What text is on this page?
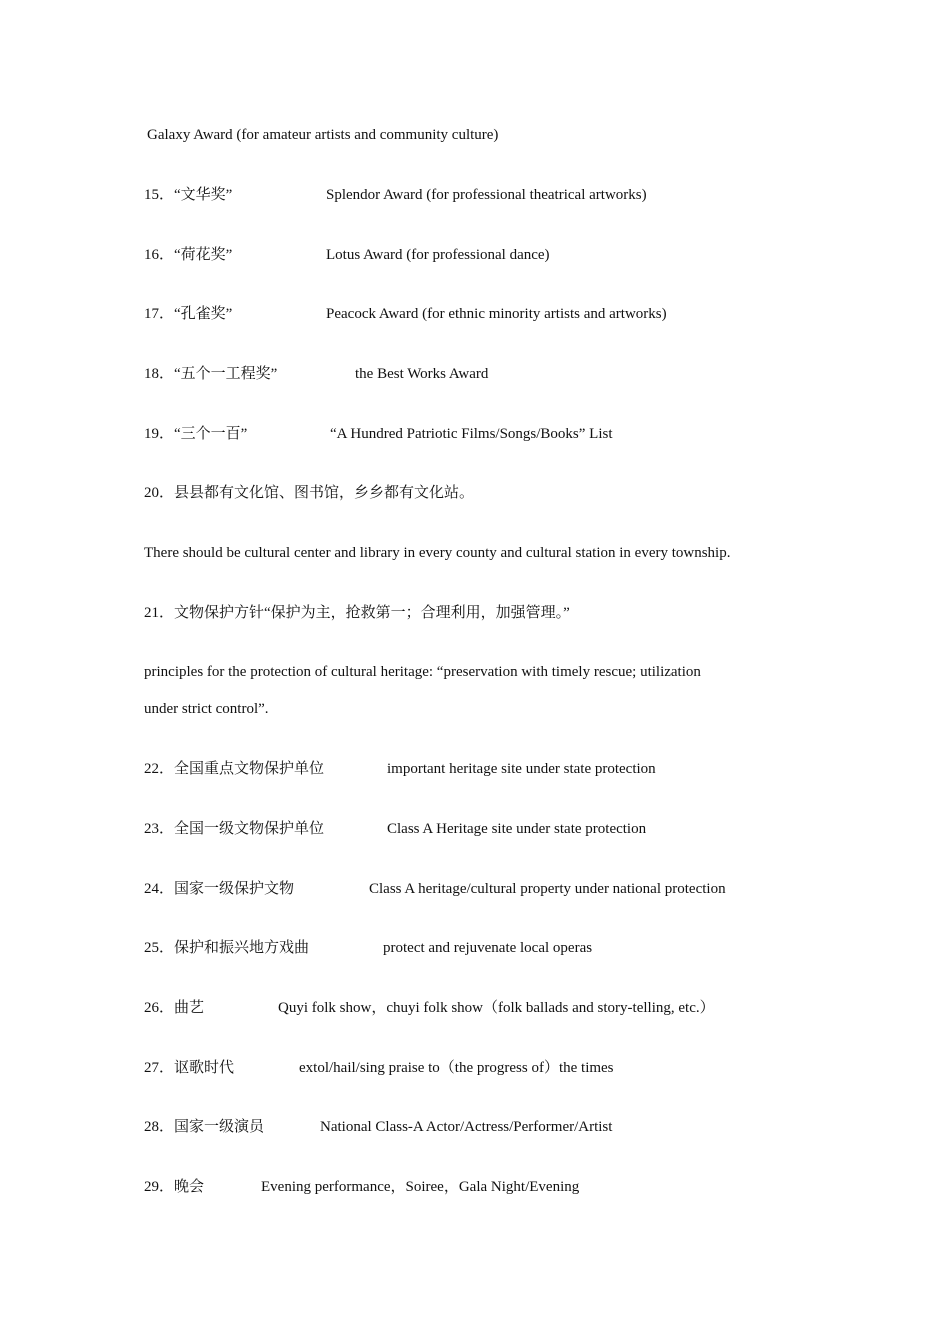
Galaxy Award (for amateur artists and community culture)
15．“文华奖”	Splendor Award (for professional theatrical artworks)
16．“荷花奖”	Lotus Award (for professional dance)
17．“孔雀奖”	Peacock Award (for ethnic minority artists and artworks)
18．“五个一工程奖”	the Best Works Award
19．“三个一百”	“A Hundred Patriotic Films/Songs/Books” List
20．县县都有文化馆、图书馆，乡乡都有文化站。
There should be cultural center and library in every county and cultural station in every township.
21．文物保护方针“保护为主，抢救第一；合理利用，加强管理。”
principles for the protection of cultural heritage: “preservation with timely rescue; utilization
under strict control”.
22．全国重点文物保护单位	important heritage site under state protection
23．全国一级文物保护单位	Class A Heritage site under state protection
24．国家一级保护文物	Class A heritage/cultural property under national protection
25．保护和振兴地方戏曲	protect and rejuvenate local operas
26．曲艺	Quyi folk show，chuyi folk show（folk ballads and story-telling, etc.）
27．讴歌时代	extol/hail/sing praise to（the progress of）the times
28．国家一级演员	National Class-A Actor/Actress/Performer/Artist
29．晚会	Evening performance，Soiree，Gala Night/Evening
